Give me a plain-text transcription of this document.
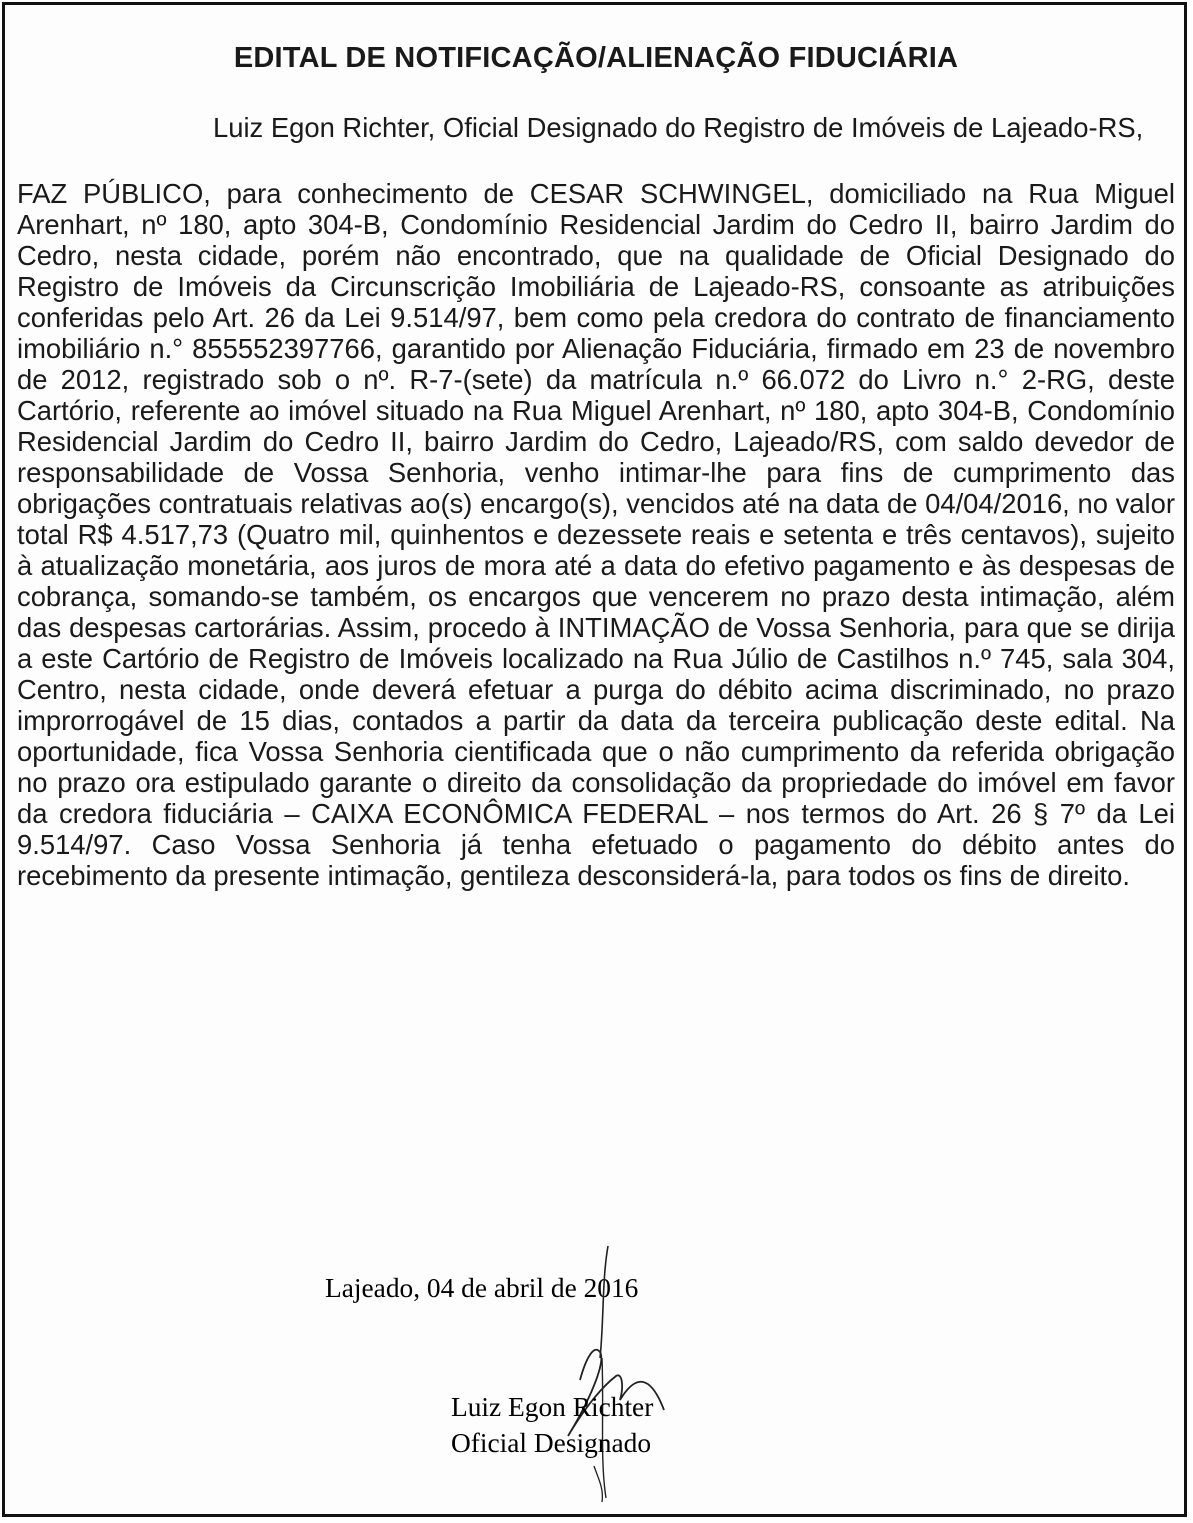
EDITAL DE NOTIFICAÇÃO/ALIENAÇÃO FIDUCIÁRIA

Luiz Egon Richter, Oficial Designado do Registro de Imóveis de Lajeado-RS,

FAZ PÚBLICO, para conhecimento de CESAR SCHWINGEL, domiciliado na Rua Miguel Arenhart, nº 180, apto 304-B, Condomínio Residencial Jardim do Cedro II, bairro Jardim do Cedro, nesta cidade, porém não encontrado, que na qualidade de Oficial Designado do Registro de Imóveis da Circunscrição Imobiliária de Lajeado-RS, consoante as atribuições conferidas pelo Art. 26 da Lei 9.514/97, bem como pela credora do contrato de financiamento imobiliário n.° 855552397766, garantido por Alienação Fiduciária, firmado em 23 de novembro de 2012, registrado sob o nº. R-7-(sete) da matrícula n.º 66.072 do Livro n.° 2-RG, deste Cartório, referente ao imóvel situado na Rua Miguel Arenhart, nº 180, apto 304-B, Condomínio Residencial Jardim do Cedro II, bairro Jardim do Cedro, Lajeado/RS, com saldo devedor de responsabilidade de Vossa Senhoria, venho intimar-lhe para fins de cumprimento das obrigações contratuais relativas ao(s) encargo(s), vencidos até na data de 04/04/2016, no valor total R$ 4.517,73 (Quatro mil, quinhentos e dezessete reais e setenta e três centavos), sujeito à atualização monetária, aos juros de mora até a data do efetivo pagamento e às despesas de cobrança, somando-se também, os encargos que vencerem no prazo desta intimação, além das despesas cartorárias. Assim, procedo à INTIMAÇÃO de Vossa Senhoria, para que se dirija a este Cartório de Registro de Imóveis localizado na Rua Júlio de Castilhos n.º 745, sala 304, Centro, nesta cidade, onde deverá efetuar a purga do débito acima discriminado, no prazo improrrogável de 15 dias, contados a partir da data da terceira publicação deste edital. Na oportunidade, fica Vossa Senhoria cientificada que o não cumprimento da referida obrigação no prazo ora estipulado garante o direito da consolidação da propriedade do imóvel em favor da credora fiduciária – CAIXA ECONÔMICA FEDERAL – nos termos do Art. 26 § 7º da Lei 9.514/97. Caso Vossa Senhoria já tenha efetuado o pagamento do débito antes do recebimento da presente intimação, gentileza desconsiderá-la, para todos os fins de direito.

Lajeado, 04 de abril de 2016
Luiz Egon Richter
Oficial Designado
